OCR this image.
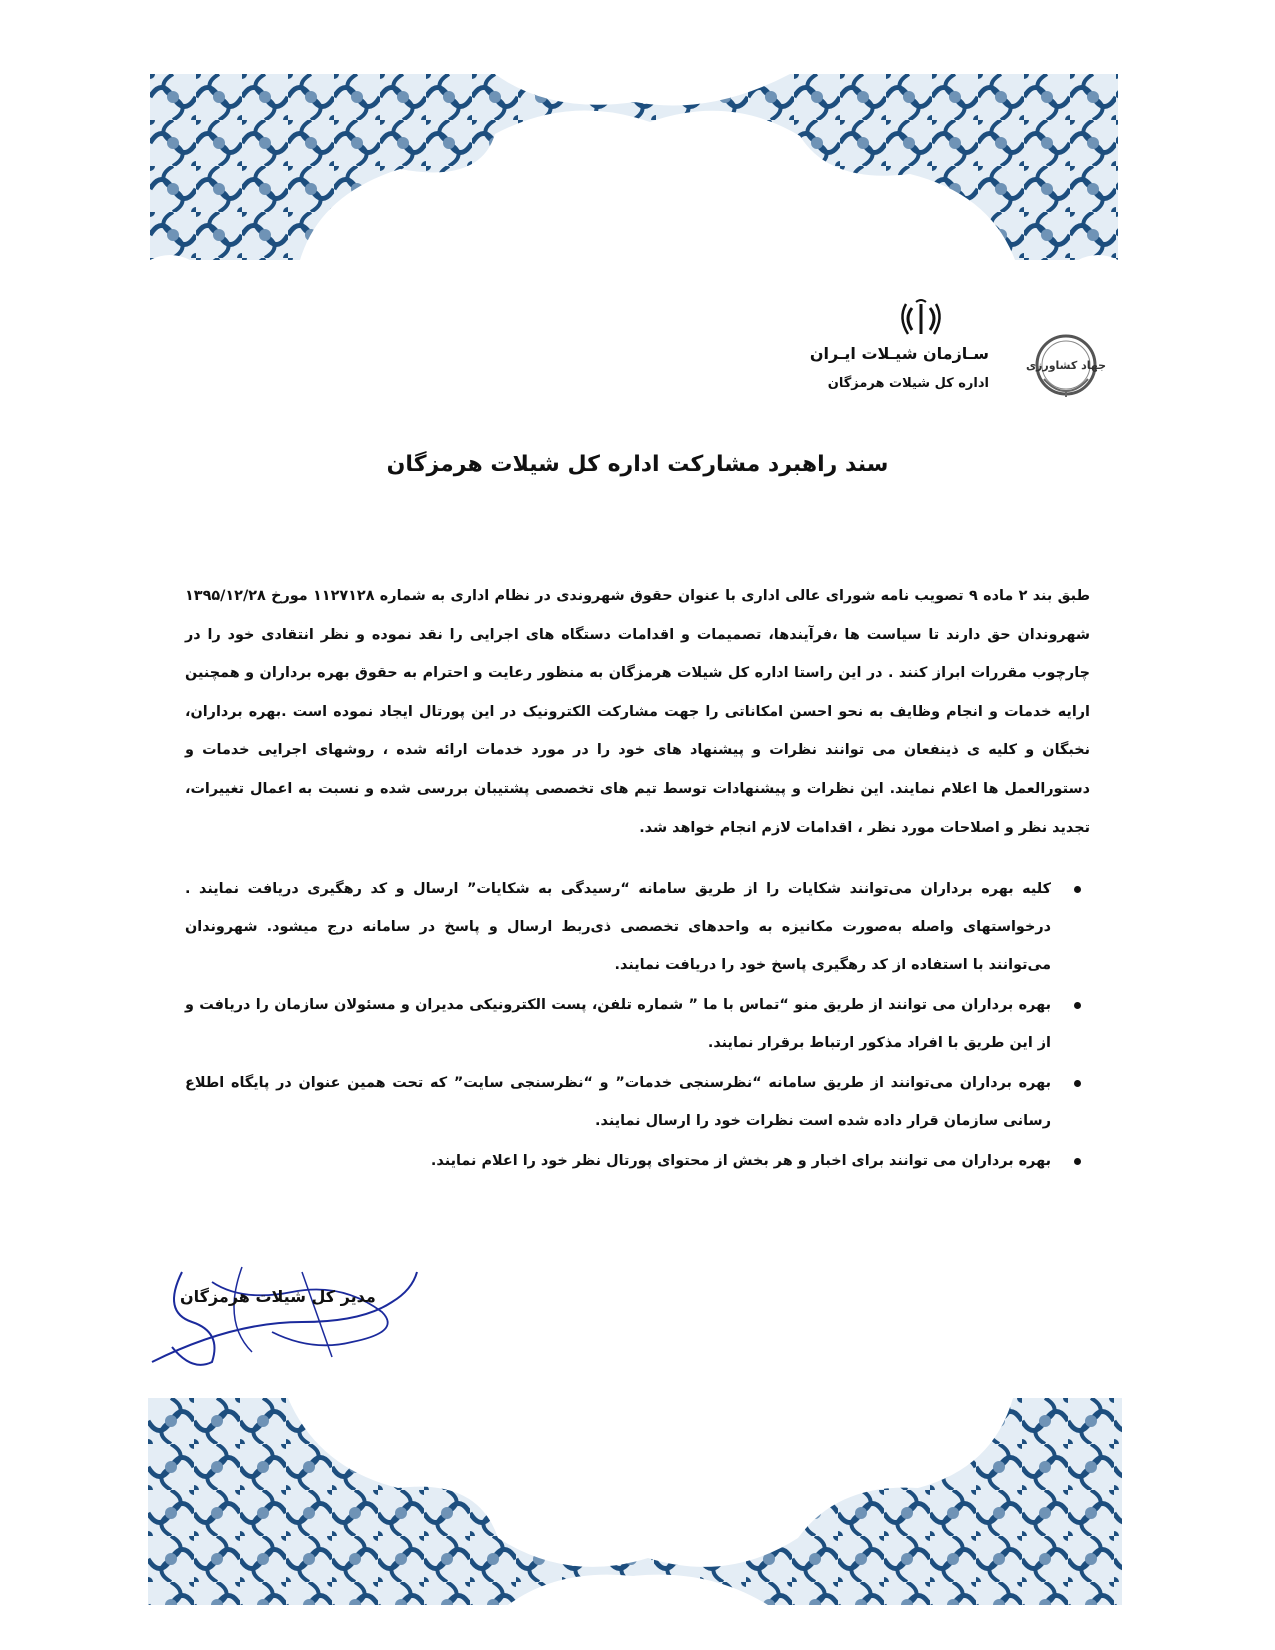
جهاد کشاورزی
سـازمان شیـلات ایـران
اداره کل شیلات هرمزگان
سند راهبرد مشارکت اداره کل شیلات هرمزگان
طبق بند ۲ ماده ۹ تصویب نامه شورای عالی اداری با عنوان حقوق شهروندی در نظام اداری به شماره ۱۱۲۷۱۲۸ مورخ ۱۳۹۵/۱۲/۲۸ شهروندان حق دارند تا سیاست ها ،فرآیندها، تصمیمات و اقدامات دستگاه های اجرایی را نقد نموده و نظر انتقادی خود را در چارچوب مقررات ابراز کنند . در این راستا اداره کل شیلات هرمزگان به منظور رعایت و احترام به حقوق بهره برداران و همچنین ارایه خدمات و انجام وظایف به نحو احسن امکاناتی را جهت مشارکت الکترونیک در این پورتال ایجاد نموده است .بهره برداران، نخبگان و کلیه ی ذینفعان می توانند نظرات و پیشنهاد های خود را در مورد خدمات ارائه شده ، روشهای اجرایی خدمات و دستورالعمل ها اعلام نمایند. این نظرات و پیشنهادات توسط تیم های تخصصی پشتیبان بررسی شده و نسبت به اعمال تغییرات، تجدید نظر و اصلاحات مورد نظر ، اقدامات لازم انجام خواهد شد.
کلیه بهره برداران می‌توانند شکایات را از طریق سامانه “رسیدگی به شکایات” ارسال و کد رهگیری دریافت نمایند . درخواستهای واصله به‌صورت مکانیزه به واحدهای تخصصی ذی‌ربط ارسال و پاسخ در سامانه درج میشود. شهروندان می‌توانند با استفاده از کد رهگیری پاسخ خود را دریافت نمایند.
بهره برداران می توانند از طریق منو “تماس با ما ” شماره تلفن، پست الکترونیکی مدیران و مسئولان سازمان را دریافت و از این طریق با افراد مذکور ارتباط برقرار نمایند.
بهره برداران می‌توانند از طریق سامانه “نظرسنجی خدمات” و “نظرسنجی سایت” که تحت همین عنوان در پایگاه اطلاع رسانی سازمان قرار داده شده است نظرات خود را ارسال نمایند.
بهره برداران می توانند برای اخبار و هر بخش از محتوای پورتال نظر خود را اعلام نمایند.
مدیر کل شیلات هرمزگان
